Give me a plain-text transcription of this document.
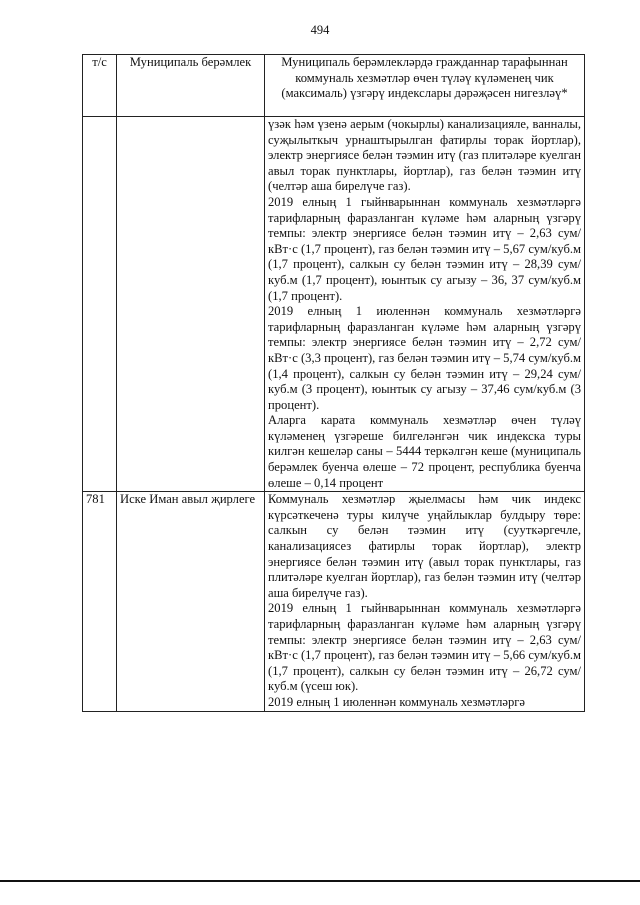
494
т/с	Муниципаль берәмлек	Муниципаль берәмлекләрдә гражданнар тарафыннан коммуналь хезмәтләр өчен түләү күләменең чик (максималь) үзгәрү индекслары дәрәҗәсен нигезләү*

		үзәк һәм үзенә аерым (чокырлы) канализацияле, ванналы, суҗылыткыч урнаштырылган фатирлы торак йортлар), электр энергиясе белән тәэмин итү (газ плитәләре куелган авыл торак пунктлары, йортлар), газ белән тәэмин итү (челтәр аша бирелүче газ).

2019 елның 1 гыйнварыннан коммуналь хезмәтләргә тарифларның фаразланган күләме һәм аларның үзгәрү темпы: электр энергиясе белән тәэмин итү – 2,63 сум/кВт·с (1,7 процент), газ белән тәэмин итү – 5,67 сум/куб.м (1,7 процент), салкын су белән тәэмин итү – 28,39 сум/куб.м (1,7 процент), юынтык су агызу – 36, 37 сум/куб.м (1,7 процент).

2019 елның 1 июленнән коммуналь хезмәтләргә тарифларның фаразланган күләме һәм аларның үзгәрү темпы: электр энергиясе белән тәэмин итү – 2,72 сум/кВт·с (3,3 процент), газ белән тәэмин итү – 5,74 сум/куб.м (1,4 процент), салкын су белән тәэмин итү – 29,24 сум/куб.м (3 процент), юынтык су агызу – 37,46 сум/куб.м (3 процент).

Аларга карата коммуналь хезмәтләр өчен түләү күләменең үзгәреше билгеләнгән чик индекска туры килгән кешеләр саны – 5444 теркәлгән кеше (муниципаль берәмлек буенча өлеше – 72 процент, республика буенча өлеше – 0,14 процент

781	Иске Иман авыл җирлеге	Коммуналь хезмәтләр җыелмасы һәм чик индекс күрсәткеченә туры килүче уңайлыклар булдыру төре: салкын су белән тәэмин итү (сууткәргечле, канализациясез фатирлы торак йортлар), электр энергиясе белән тәэмин итү (авыл торак пунктлары, газ плитәләре куелган йортлар), газ белән тәэмин итү (челтәр аша бирелүче газ).

2019 елның 1 гыйнварыннан коммуналь хезмәтләргә тарифларның фаразланган күләме һәм аларның үзгәрү темпы: электр энергиясе белән тәэмин итү – 2,63 сум/кВт·с (1,7 процент), газ белән тәэмин итү – 5,66 сум/куб.м (1,7 процент), салкын су белән тәэмин итү – 26,72 сум/куб.м (үсеш юк).

2019 елның 1 июленнән коммуналь хезмәтләргә
